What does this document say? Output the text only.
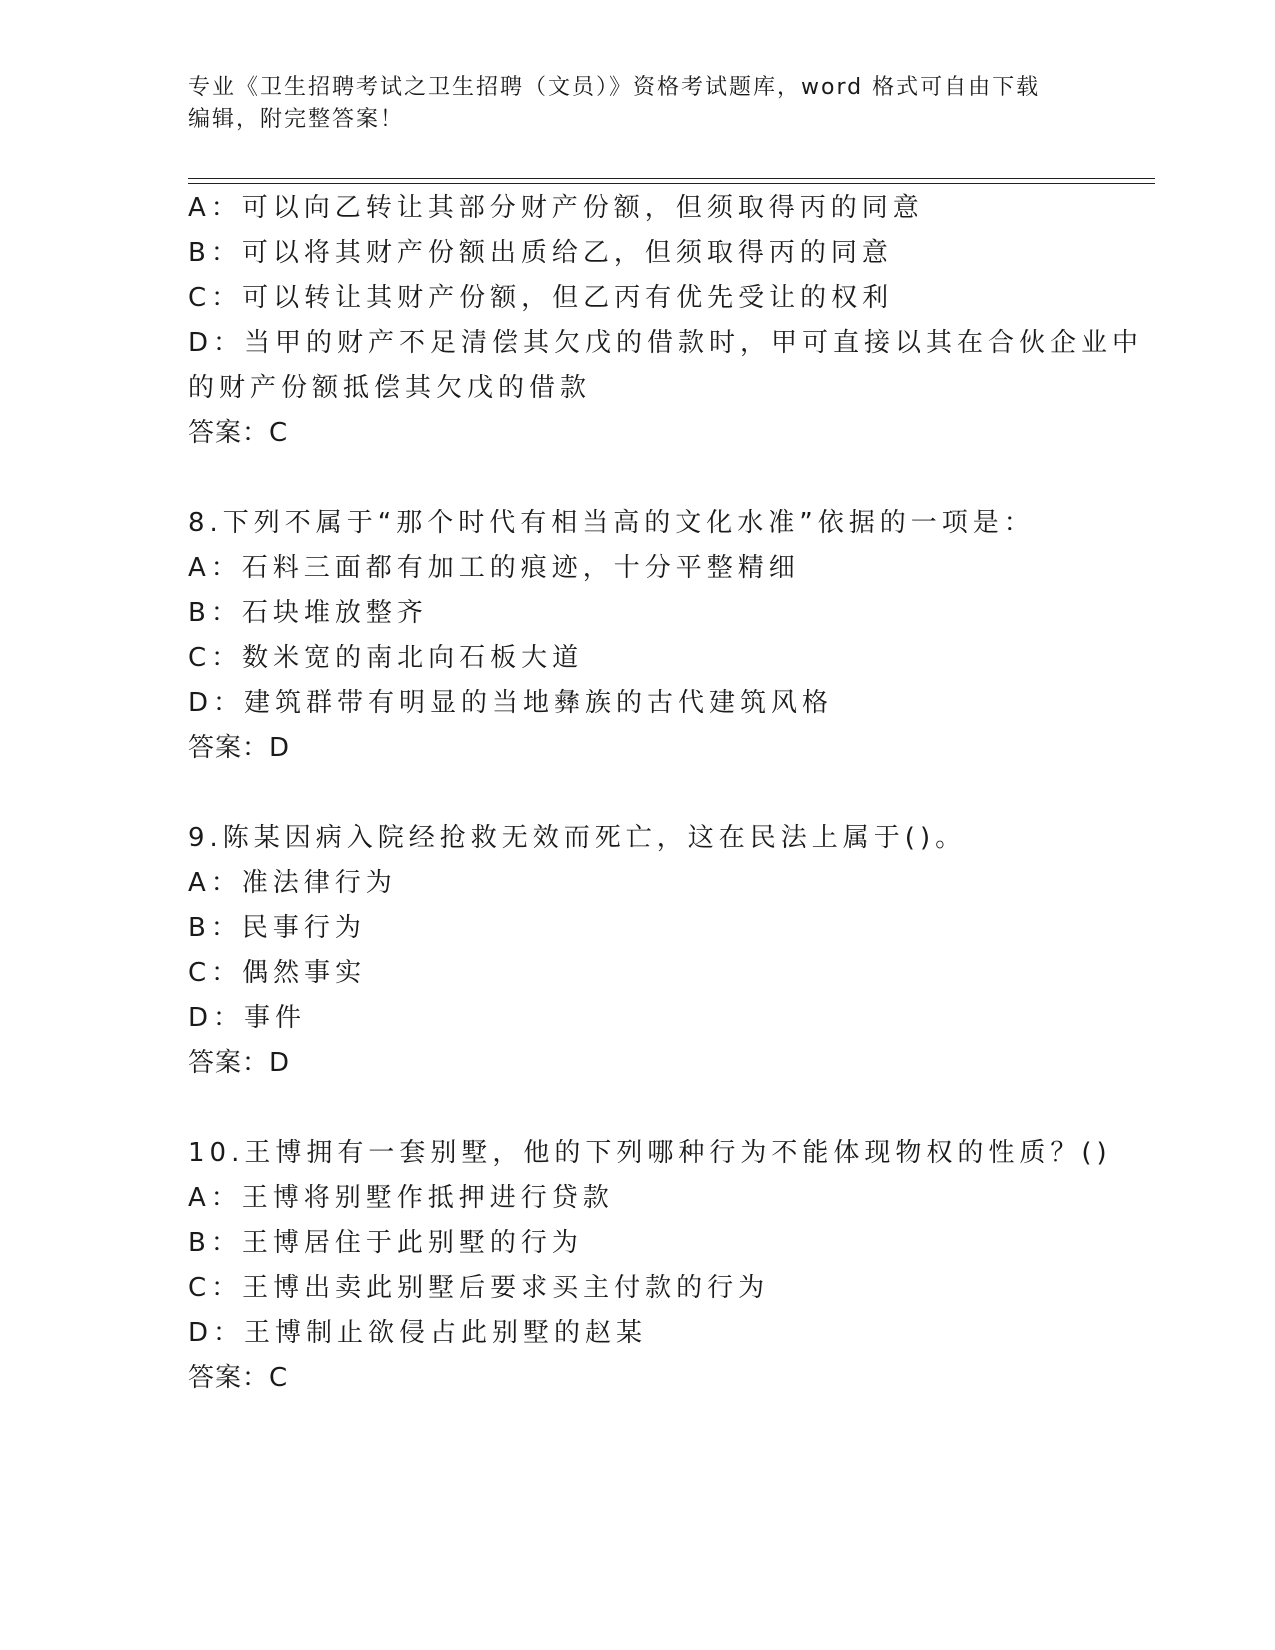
专业《卫生招聘考试之卫生招聘（文员）》资格考试题库，word 格式可自由下载
编辑，附完整答案！
A：可以向乙转让其部分财产份额，但须取得丙的同意
B：可以将其财产份额出质给乙，但须取得丙的同意
C：可以转让其财产份额，但乙丙有优先受让的权利
D：当甲的财产不足清偿其欠戊的借款时，甲可直接以其在合伙企业中
的财产份额抵偿其欠戊的借款
答案：C
8.下列不属于“那个时代有相当高的文化水准”依据的一项是：
A：石料三面都有加工的痕迹，十分平整精细
B：石块堆放整齐
C：数米宽的南北向石板大道
D：建筑群带有明显的当地彝族的古代建筑风格
答案：D
9.陈某因病入院经抢救无效而死亡，这在民法上属于()。
A：准法律行为
B：民事行为
C：偶然事实
D：事件
答案：D
10.王博拥有一套别墅，他的下列哪种行为不能体现物权的性质？()
A：王博将别墅作抵押进行贷款
B：王博居住于此别墅的行为
C：王博出卖此别墅后要求买主付款的行为
D：王博制止欲侵占此别墅的赵某
答案：C
